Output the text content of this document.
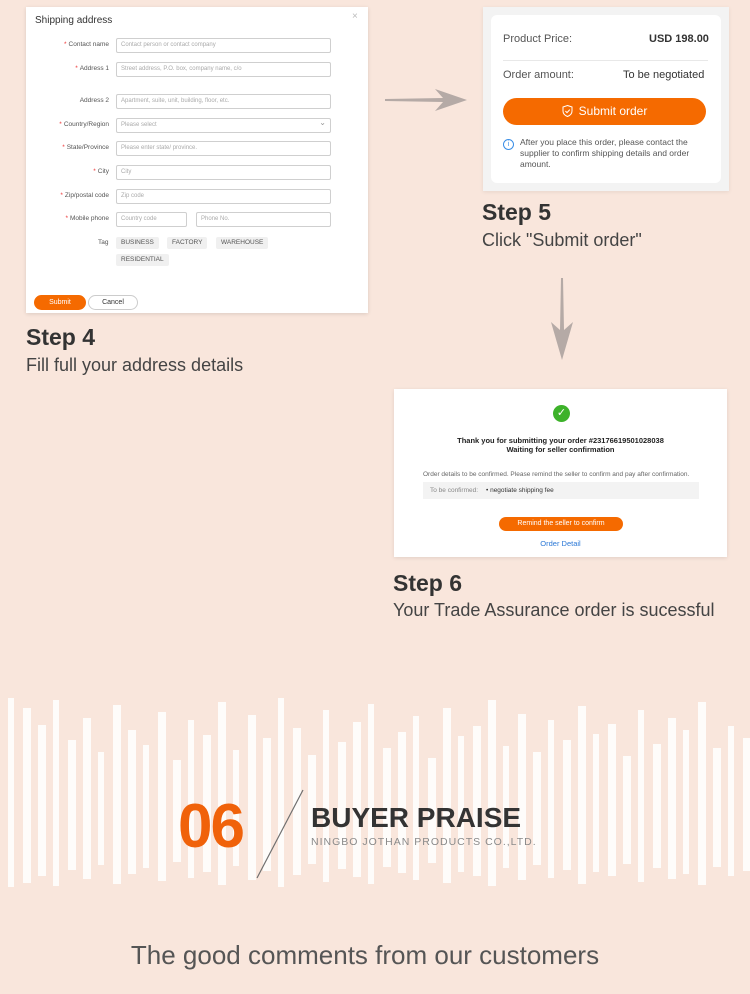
Shipping address	×
* Contact name	Contact person or contact company
* Address 1	Street address, P.O. box, company name, c/o
Address 2	Apartment, suite, unit, building, floor, etc.
* Country/Region	Please select ⌄
* State/Province	Please enter state/ province.
* City	City
* Zip/postal code	Zip code
* Mobile phone	Country code	Phone No.
Tag	BUSINESS	FACTORY	WAREHOUSE
RESIDENTIAL
Submit	Cancel
Step 4
Fill full your address details
Product Price:	USD 198.00
Order amount:	To be negotiated
Submit order
i	After you place this order, please contact the supplier to confirm shipping details and order amount.
Step 5
Click "Submit order"
✓
Thank you for submitting your order #2317661950102803​8
Waiting for seller confirmation
Order details to be confirmed. Please remind the seller to confirm and pay after confirmation.
To be confirmed: • negotiate shipping fee
Remind the seller to confirm
Order Detail
Step 6
Your Trade Assurance order is sucessful
06 BUYER PRAISE
NINGBO JOTHAN PRODUCTS CO.,LTD.
The good comments from our customers
